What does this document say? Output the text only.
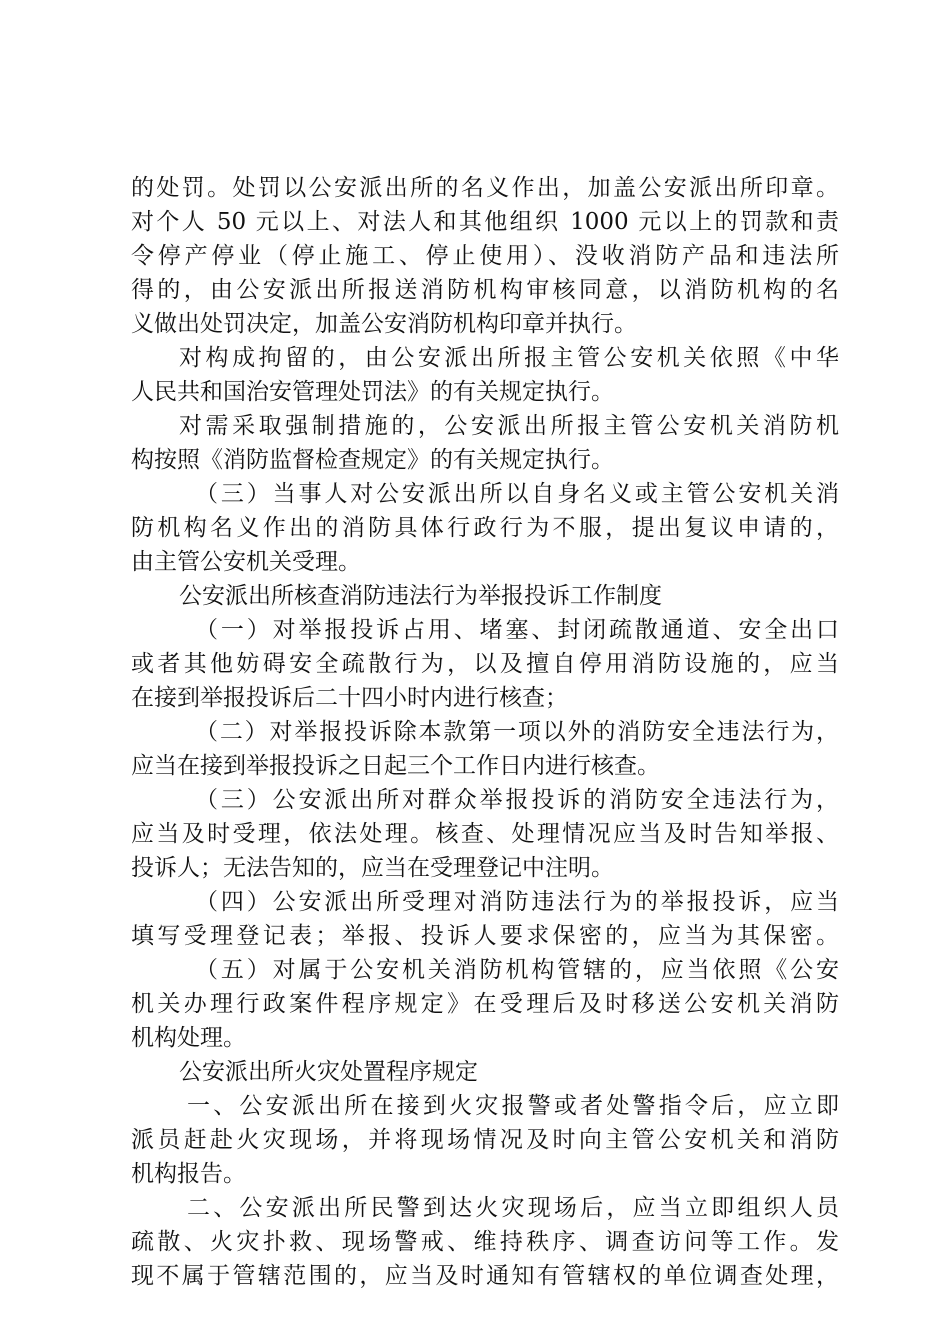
的处罚。处罚以公安派出所的名义作出，加盖公安派出所印章。
对个人 50 元以上、对法人和其他组织 1000 元以上的罚款和责
令停产停业（停止施工、停止使用）、没收消防产品和违法所
得的，由公安派出所报送消防机构审核同意，以消防机构的名
义做出处罚决定，加盖公安消防机构印章并执行。
对构成拘留的，由公安派出所报主管公安机关依照《中华
人民共和国治安管理处罚法》的有关规定执行。
对需采取强制措施的，公安派出所报主管公安机关消防机
构按照《消防监督检查规定》的有关规定执行。
（三）当事人对公安派出所以自身名义或主管公安机关消
防机构名义作出的消防具体行政行为不服，提出复议申请的，
由主管公安机关受理。
公安派出所核查消防违法行为举报投诉工作制度
（一）对举报投诉占用、堵塞、封闭疏散通道、安全出口
或者其他妨碍安全疏散行为，以及擅自停用消防设施的，应当
在接到举报投诉后二十四小时内进行核查；
（二）对举报投诉除本款第一项以外的消防安全违法行为，
应当在接到举报投诉之日起三个工作日内进行核查。
（三）公安派出所对群众举报投诉的消防安全违法行为，
应当及时受理，依法处理。核查、处理情况应当及时告知举报、
投诉人；无法告知的，应当在受理登记中注明。
（四）公安派出所受理对消防违法行为的举报投诉，应当
填写受理登记表；举报、投诉人要求保密的，应当为其保密。
（五）对属于公安机关消防机构管辖的，应当依照《公安
机关办理行政案件程序规定》在受理后及时移送公安机关消防
机构处理。
公安派出所火灾处置程序规定
一、公安派出所在接到火灾报警或者处警指令后，应立即
派员赶赴火灾现场，并将现场情况及时向主管公安机关和消防
机构报告。
二、公安派出所民警到达火灾现场后，应当立即组织人员
疏散、火灾扑救、现场警戒、维持秩序、调查访问等工作。发
现不属于管辖范围的，应当及时通知有管辖权的单位调查处理，
